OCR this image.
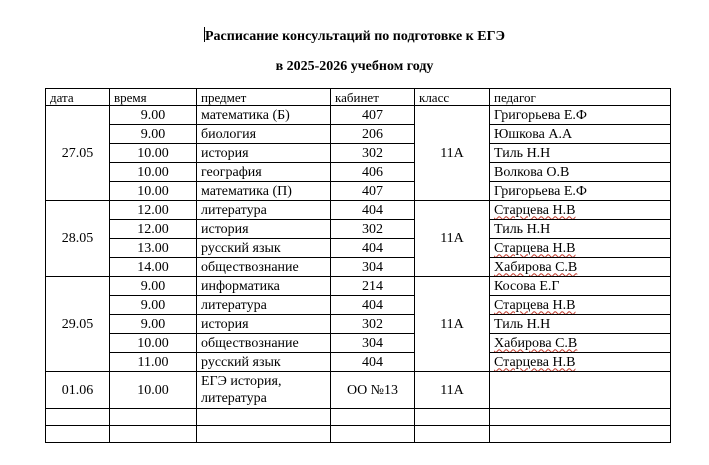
Расписание консультаций по подготовке к ЕГЭ
в 2025-2026 учебном году
дата	время	предмет	кабинет	класс	педагог
27.05	9.00	математика (Б)	407	11А	Григорьева Е.Ф
	9.00	биология	206		Юшкова А.А
	10.00	история	302		Тиль Н.Н
	10.00	география	406		Волкова О.В
	10.00	математика (П)	407		Григорьева Е.Ф
28.05	12.00	литература	404	11А	Старцева Н.В
	12.00	история	302		Тиль Н.Н
	13.00	русский язык	404		Старцева Н.В
	14.00	обществознание	304		Хабирова С.В
29.05	9.00	информатика	214	11А	Косова Е.Г
	9.00	литература	404		Старцева Н.В
	9.00	история	302		Тиль Н.Н
	10.00	обществознание	304		Хабирова С.В
	11.00	русский язык	404		Старцева Н.В
01.06	10.00	ЕГЭ история, литература	ОО №13	11А	
